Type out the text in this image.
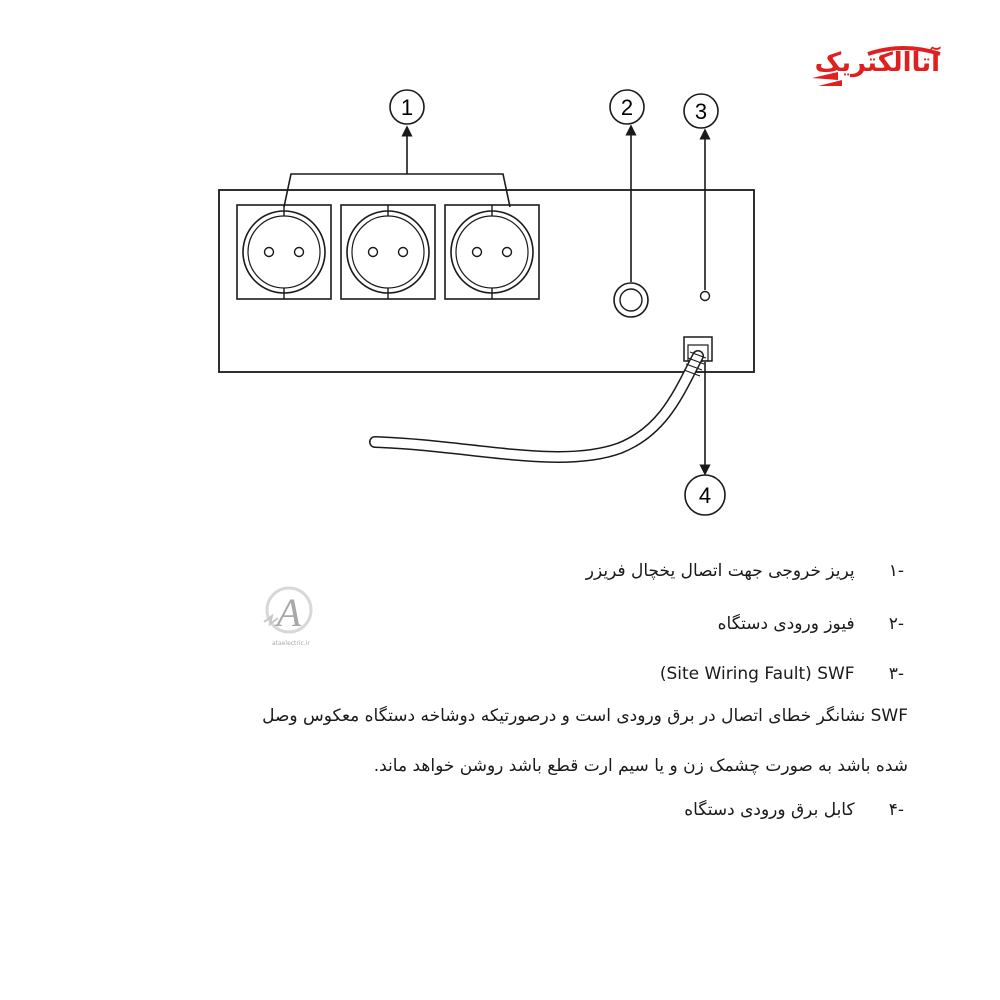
آتاالکتریک
1	2	3
4
A
ataelectric.ir
-۱ پریز خروجی جهت اتصال یخچال فریزر
-۲ فیوز ورودی دستگاه
-۳ (Site Wiring Fault) SWF
SWF نشانگر خطای اتصال در برق ورودی است و درصورتیکه دوشاخه دستگاه معکوس وصل
شده باشد به صورت چشمک زن و یا سیم ارت قطع باشد روشن خواهد ماند.
-۴ کابل برق ورودی دستگاه
